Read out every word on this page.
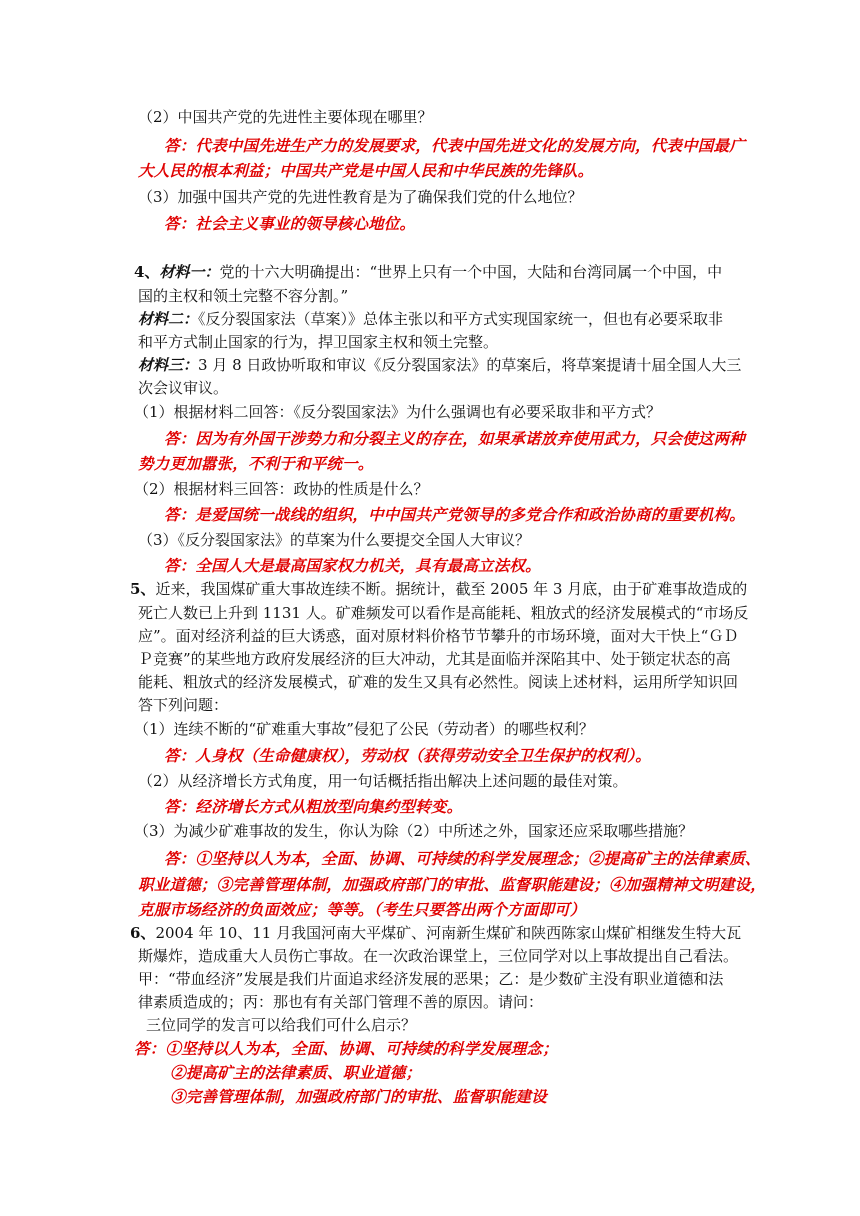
（2）中国共产党的先进性主要体现在哪里？
答：代表中国先进生产力的发展要求，代表中国先进文化的发展方向，代表中国最广
大人民的根本利益；中国共产党是中国人民和中华民族的先锋队。
（3）加强中国共产党的先进性教育是为了确保我们党的什么地位？
答：社会主义事业的领导核心地位。
4、材料一：党的十六大明确提出：“世界上只有一个中国，大陆和台湾同属一个中国，中
国的主权和领土完整不容分割。”
材料二：《反分裂国家法（草案）》总体主张以和平方式实现国家统一，但也有必要采取非
和平方式制止国家的行为，捍卫国家主权和领土完整。
材料三：3 月 8 日政协听取和审议《反分裂国家法》的草案后，将草案提请十届全国人大三
次会议审议。
（1）根据材料二回答：《反分裂国家法》为什么强调也有必要采取非和平方式？
答：因为有外国干涉势力和分裂主义的存在，如果承诺放弃使用武力，只会使这两种
势力更加嚣张，不利于和平统一。
（2）根据材料三回答：政协的性质是什么？
答：是爱国统一战线的组织，中中国共产党领导的多党合作和政治协商的重要机构。
（3）《反分裂国家法》的草案为什么要提交全国人大审议？
答：全国人大是最高国家权力机关，具有最高立法权。
5、近来，我国煤矿重大事故连续不断。据统计，截至 2005 年 3 月底，由于矿难事故造成的
死亡人数已上升到 1131 人。矿难频发可以看作是高能耗、粗放式的经济发展模式的“市场反
应”。面对经济利益的巨大诱惑，面对原材料价格节节攀升的市场环境，面对大干快上“ＧＤ
Ｐ竞赛”的某些地方政府发展经济的巨大冲动，尤其是面临并深陷其中、处于锁定状态的高
能耗、粗放式的经济发展模式，矿难的发生又具有必然性。阅读上述材料，运用所学知识回
答下列问题：
（1）连续不断的“矿难重大事故”侵犯了公民（劳动者）的哪些权利？
答：人身权（生命健康权），劳动权（获得劳动安全卫生保护的权利）。
（2）从经济增长方式角度，用一句话概括指出解决上述问题的最佳对策。
答：经济增长方式从粗放型向集约型转变。
（3）为减少矿难事故的发生，你认为除（2）中所述之外，国家还应采取哪些措施？
答：①坚持以人为本，全面、协调、可持续的科学发展理念；②提高矿主的法律素质、
职业道德；③完善管理体制，加强政府部门的审批、监督职能建设；④加强精神文明建设，
克服市场经济的负面效应；等等。（考生只要答出两个方面即可）
6、2004 年 10、11 月我国河南大平煤矿、河南新生煤矿和陕西陈家山煤矿相继发生特大瓦
斯爆炸，造成重大人员伤亡事故。在一次政治课堂上，三位同学对以上事故提出自己看法。
甲：“带血经济”发展是我们片面追求经济发展的恶果；乙：是少数矿主没有职业道德和法
律素质造成的；丙：那也有有关部门管理不善的原因。请问：
三位同学的发言可以给我们可什么启示？
答：①坚持以人为本，全面、协调、可持续的科学发展理念；
②提高矿主的法律素质、职业道德；
③完善管理体制，加强政府部门的审批、监督职能建设
